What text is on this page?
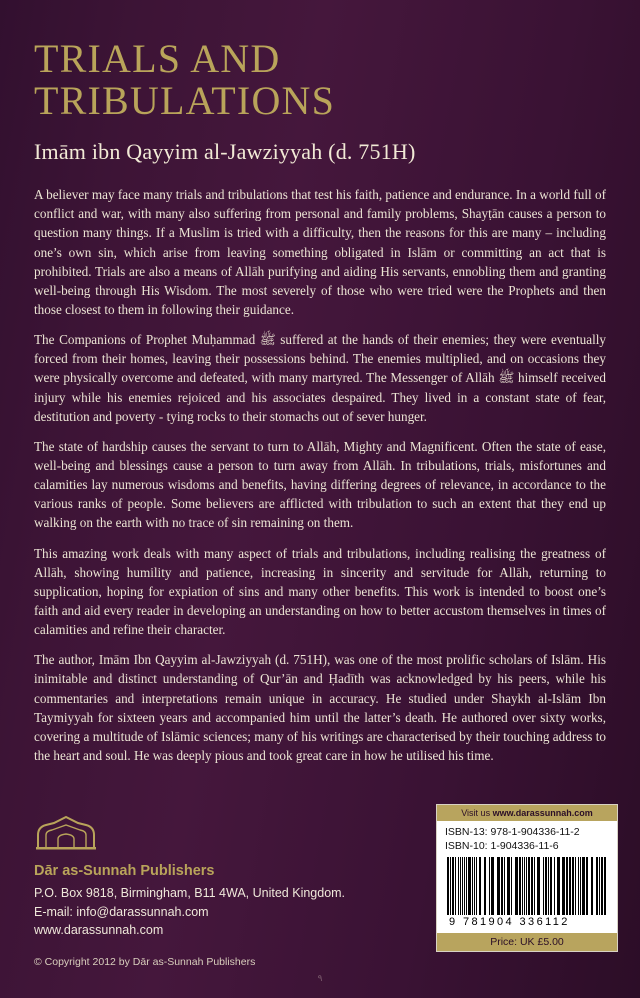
TRIALS AND
TRIBULATIONS
Imām ibn Qayyim al-Jawziyyah (d. 751H)

A believer may face many trials and tribulations that test his faith, patience and endurance. In a world full of conflict and war, with many also suffering from personal and family problems, Shayṭān causes a person to question many things. If a Muslim is tried with a difficulty, then the reasons for this are many – including one’s own sin, which arise from leaving something obligated in Islām or committing an act that is prohibited. Trials are also a means of Allāh purifying and aiding His servants, ennobling them and granting well-being through His Wisdom. The most severely of those who were tried were the Prophets and then those closest to them in following their guidance.

The Companions of Prophet Muḥammad ﷺ suffered at the hands of their enemies; they were eventually forced from their homes, leaving their possessions behind. The enemies multiplied, and on occasions they were physically overcome and defeated, with many martyred. The Messenger of Allāh ﷺ himself received injury while his enemies rejoiced and his associates despaired. They lived in a constant state of fear, destitution and poverty - tying rocks to their stomachs out of sever hunger.

The state of hardship causes the servant to turn to Allāh, Mighty and Magnificent. Often the state of ease, well-being and blessings cause a person to turn away from Allāh. In tribulations, trials, misfortunes and calamities lay numerous wisdoms and benefits, having differing degrees of relevance, in accordance to the various ranks of people. Some believers are afflicted with tribulation to such an extent that they end up walking on the earth with no trace of sin remaining on them.

This amazing work deals with many aspect of trials and tribulations, including realising the greatness of Allāh, showing humility and patience, increasing in sincerity and servitude for Allāh, returning to supplication, hoping for expiation of sins and many other benefits. This work is intended to boost one’s faith and aid every reader in developing an understanding on how to better accustom themselves in times of calamities and refine their character.

The author, Imām Ibn Qayyim al-Jawziyyah (d. 751H), was one of the most prolific scholars of Islām. His inimitable and distinct understanding of Qur’ān and Ḥadīth was acknowledged by his peers, while his commentaries and interpretations remain unique in accuracy. He studied under Shaykh al-Islām Ibn Taymiyyah for sixteen years and accompanied him until the latter’s death. He authored over sixty works, covering a multitude of Islāmic sciences; many of his writings are characterised by their touching address to the heart and soul. He was deeply pious and took great care in how he utilised his time.

Dār as-Sunnah Publishers
P.O. Box 9818, Birmingham, B11 4WA, United Kingdom.
E-mail: info@darassunnah.com
www.darassunnah.com
© Copyright 2012 by Dār as-Sunnah Publishers
Visit us www.darassunnah.com
ISBN-13: 978-1-904336-11-2
ISBN-10: 1-904336-11-6
9 781904 336112
Price: UK £5.00
۹
